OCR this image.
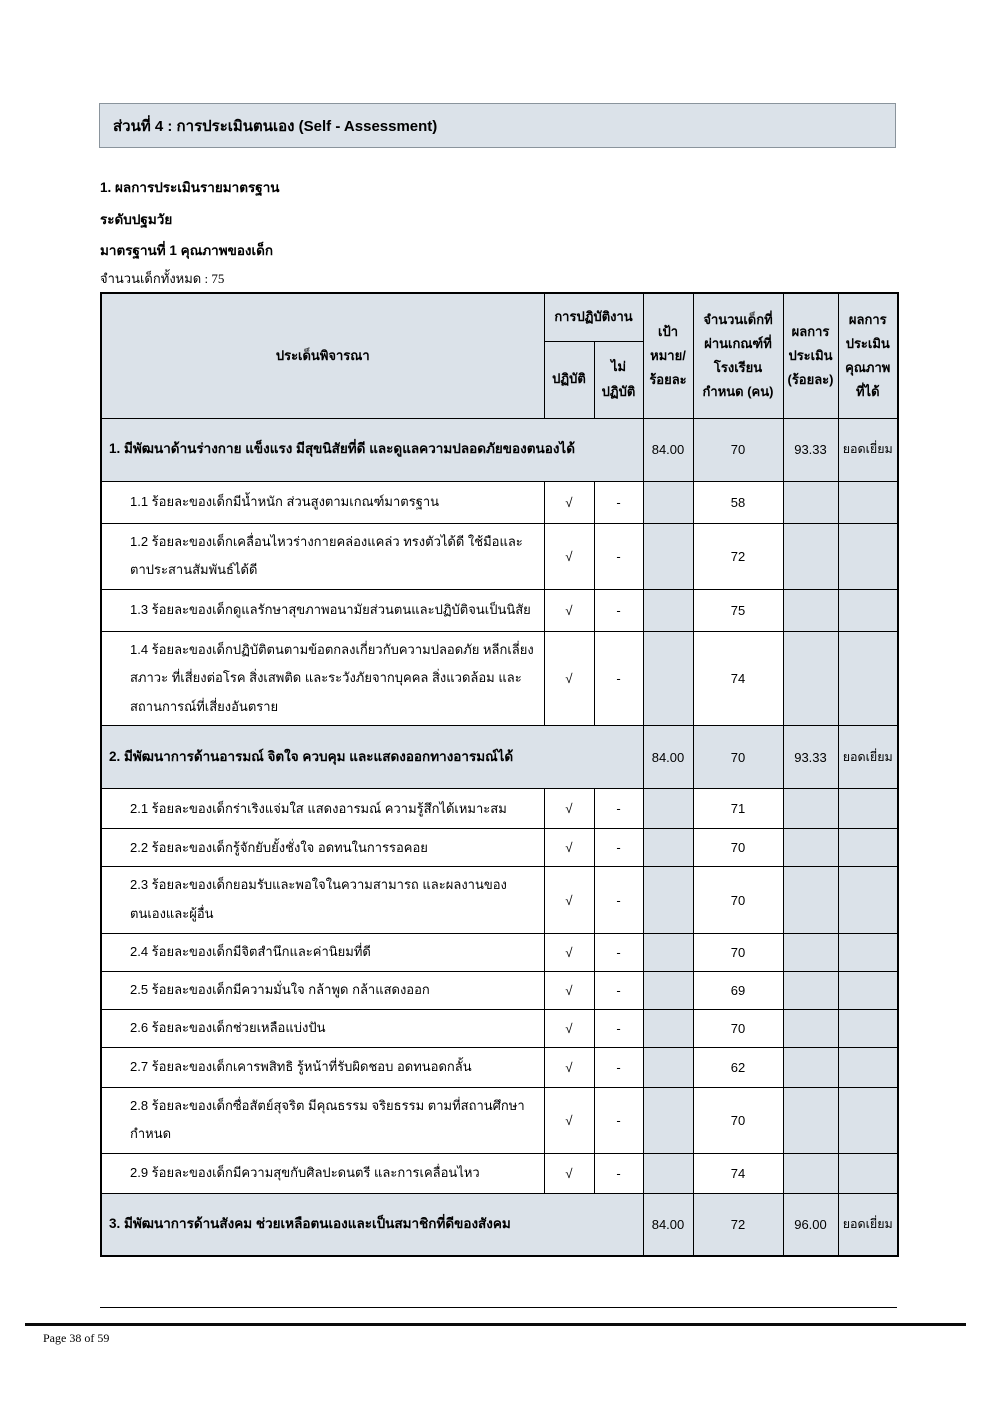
ส่วนที่ 4 : การประเมินตนเอง (Self - Assessment)
1. ผลการประเมินรายมาตรฐาน
ระดับปฐมวัย
มาตรฐานที่ 1 คุณภาพของเด็ก
จำนวนเด็กทั้งหมด : 75
ประเด็นพิจารณา	การปฏิบัติงาน		เป้าหมาย/ร้อยละ	จำนวนเด็กที่ผ่านเกณฑ์ที่โรงเรียนกำหนด (คน)	ผลการประเมิน (ร้อยละ)	ผลการประเมินคุณภาพที่ได้
	ปฏิบัติ	ไม่ปฏิบัติ				
1. มีพัฒนาด้านร่างกาย แข็งแรง มีสุขนิสัยที่ดี และดูแลความปลอดภัยของตนองได้			84.00	70	93.33	ยอดเยี่ยม
1.1 ร้อยละของเด็กมีน้ำหนัก ส่วนสูงตามเกณฑ์มาตรฐาน	√	-		58		
1.2 ร้อยละของเด็กเคลื่อนไหวร่างกายคล่องแคล่ว ทรงตัวได้ดี ใช้มือและตาประสานสัมพันธ์ได้ดี	√	-		72		
1.3 ร้อยละของเด็กดูแลรักษาสุขภาพอนามัยส่วนตนและปฏิบัติจนเป็นนิสัย	√	-		75		
1.4 ร้อยละของเด็กปฏิบัติตนตามข้อตกลงเกี่ยวกับความปลอดภัย หลีกเลี่ยงสภาวะ ที่เสี่ยงต่อโรค สิ่งเสพติด และระวังภัยจากบุคคล สิ่งแวดล้อม และสถานการณ์ที่เสี่ยงอันตราย	√	-		74		
2. มีพัฒนาการด้านอารมณ์ จิตใจ ควบคุม และแสดงออกทางอารมณ์ได้			84.00	70	93.33	ยอดเยี่ยม
2.1 ร้อยละของเด็กร่าเริงแจ่มใส แสดงอารมณ์ ความรู้สึกได้เหมาะสม	√	-		71		
2.2 ร้อยละของเด็กรู้จักยับยั้งชั่งใจ อดทนในการรอคอย	√	-		70		
2.3 ร้อยละของเด็กยอมรับและพอใจในความสามารถ และผลงานของตนเองและผู้อื่น	√	-		70		
2.4 ร้อยละของเด็กมีจิตสำนึกและค่านิยมที่ดี	√	-		70		
2.5 ร้อยละของเด็กมีความมั่นใจ กล้าพูด กล้าแสดงออก	√	-		69		
2.6 ร้อยละของเด็กช่วยเหลือแบ่งปัน	√	-		70		
2.7 ร้อยละของเด็กเคารพสิทธิ รู้หน้าที่รับผิดชอบ อดทนอดกลั้น	√	-		62		
2.8 ร้อยละของเด็กซื่อสัตย์สุจริต มีคุณธรรม จริยธรรม ตามที่สถานศึกษากำหนด	√	-		70		
2.9 ร้อยละของเด็กมีความสุขกับศิลปะดนตรี และการเคลื่อนไหว	√	-		74		
3. มีพัฒนาการด้านสังคม ช่วยเหลือตนเองและเป็นสมาชิกที่ดีของสังคม			84.00	72	96.00	ยอดเยี่ยม
Page 38 of 59
